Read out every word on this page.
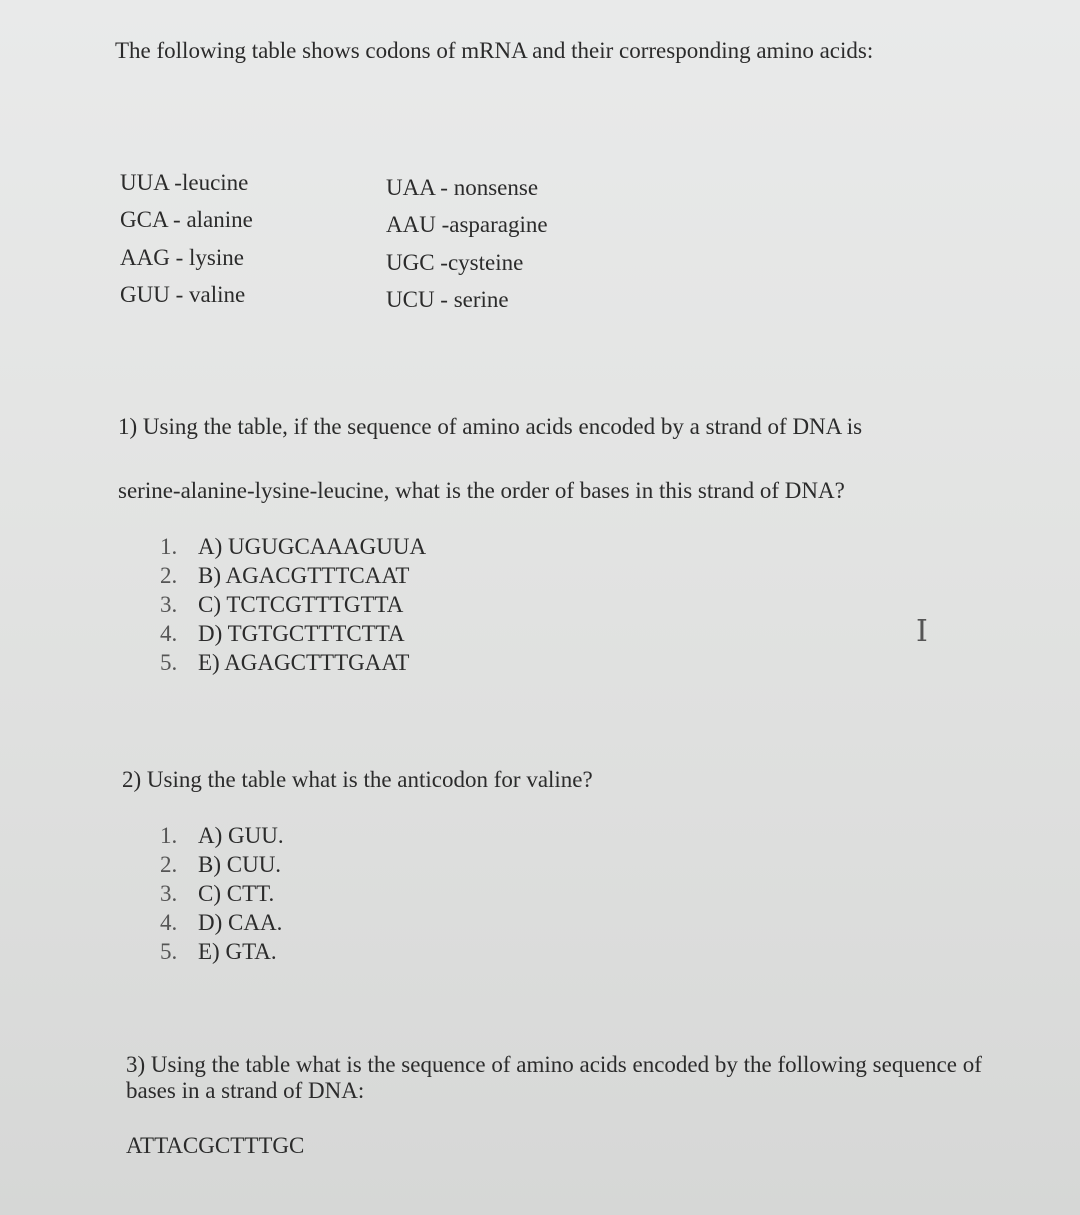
The following table shows codons of mRNA and their corresponding amino acids:
UUA -leucine
GCA - alanine
AAG - lysine
GUU - valine
UAA - nonsense
AAU -asparagine
UGC -cysteine
UCU - serine
1) Using the table, if the sequence of amino acids encoded by a strand of DNA is
serine-alanine-lysine-leucine, what is the order of bases in this strand of DNA?
1. A) UGUGCAAAGUUA
2. B) AGACGTTTCAAT
3. C) TCTCGTTTGTTA
4. D) TGTGCTTTCTTA
5. E) AGAGCTTTGAAT
I
2) Using the table what is the anticodon for valine?
1. A) GUU.
2. B) CUU.
3. C) CTT.
4. D) CAA.
5. E) GTA.
3) Using the table what is the sequence of amino acids encoded by the following sequence of
bases in a strand of DNA:
ATTACGCTTTGC
